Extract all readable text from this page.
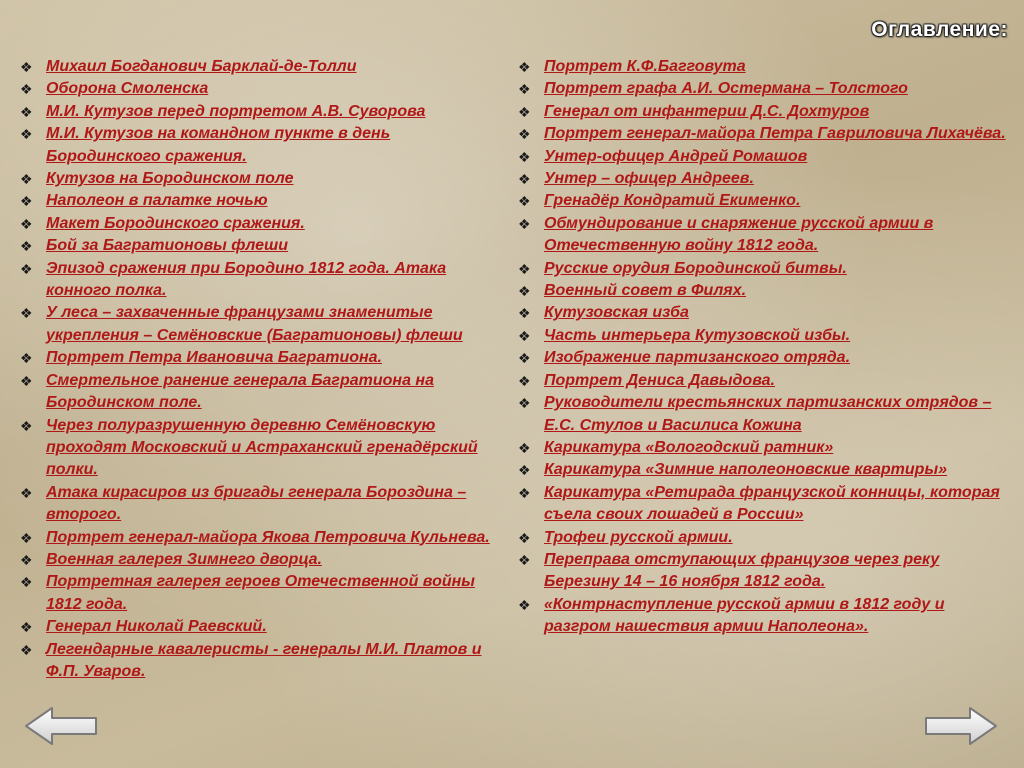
Оглавление:
❖ Михаил Богданович Барклай-де-Толли
❖ Оборона Смоленска
❖ М.И. Кутузов перед портретом А.В. Суворова
❖ М.И. Кутузов на командном пункте в день Бородинского сражения.
❖ Кутузов на Бородинском поле
❖ Наполеон в палатке ночью
❖ Макет Бородинского сражения.
❖ Бой за Багратионовы флеши
❖ Эпизод сражения при Бородино 1812 года. Атака конного полка.
❖ У леса – захваченные французами знаменитые укрепления – Семёновские (Багратионовы) флеши
❖ Портрет Петра Ивановича Багратиона.
❖ Смертельное ранение генерала Багратиона на Бородинском поле.
❖ Через полуразрушенную деревню Семёновскую проходят Московский и Астраханский гренадёрский полки.
❖ Атака кирасиров из бригады генерала Бороздина – второго.
❖ Портрет генерал-майора Якова Петровича Кульнева.
❖ Военная галерея Зимнего дворца.
❖ Портретная галерея героев Отечественной войны 1812 года.
❖ Генерал Николай Раевский.
❖ Легендарные кавалеристы - генералы М.И. Платов и Ф.П. Уваров.
❖ Портрет К.Ф.Багговута
❖ Портрет графа А.И. Остермана – Толстого
❖ Генерал от инфантерии Д.С. Дохтуров
❖ Портрет генерал-майора Петра Гавриловича Лихачёва.
❖ Унтер-офицер Андрей Ромашов
❖ Унтер – офицер Андреев.
❖ Гренадёр Кондратий Екименко.
❖ Обмундирование и снаряжение русской армии в Отечественную войну 1812 года.
❖ Русские орудия Бородинской битвы.
❖ Военный совет в Филях.
❖ Кутузовская изба
❖ Часть интерьера Кутузовской избы.
❖ Изображение партизанского отряда.
❖ Портрет Дениса Давыдова.
❖ Руководители крестьянских партизанских отрядов – Е.С. Стулов и Василиса Кожина
❖ Карикатура «Вологодский ратник»
❖ Карикатура «Зимние наполеоновские квартиры»
❖ Карикатура «Ретирада французской конницы, которая съела своих лошадей в России»
❖ Трофеи русской армии.
❖ Переправа отступающих французов через реку Березину 14 – 16 ноября 1812 года.
❖ «Контрнаступление русской армии в 1812 году и разгром нашествия армии Наполеона».
